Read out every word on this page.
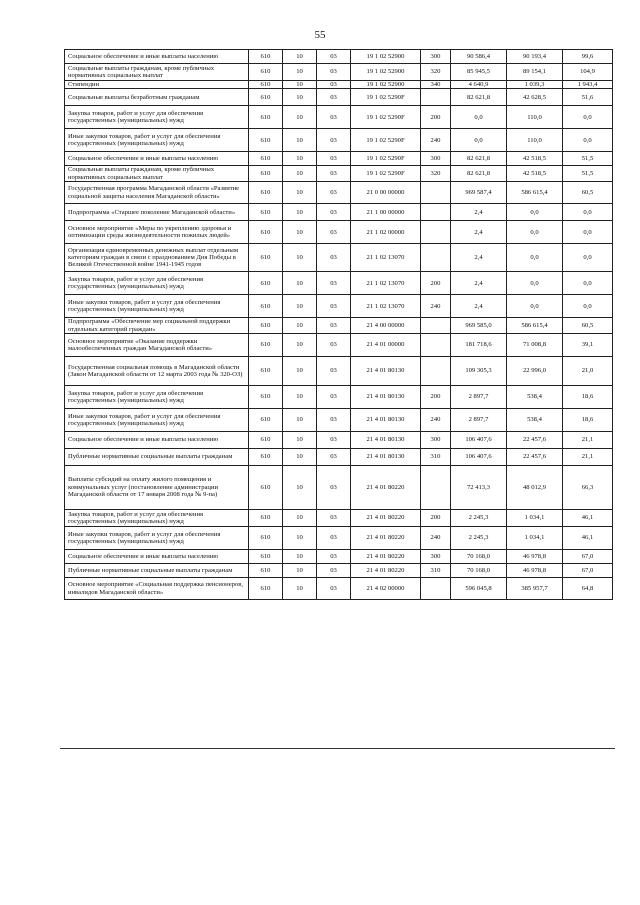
55
Социальное обеспечение и иные выплаты населению	610	10	03	19 1 02 52900	300	90 586,4	90 193,4	99,6
Социальные выплаты гражданам, кроме публичных нормативных социальных выплат	610	10	03	19 1 02 52900	320	85 945,5	89 154,1	104,9
Стипендии	610	10	03	19 1 02 52900	340	4 640,9	1 039,3	1 943,4
Социальные выплаты безработным гражданам	610	10	03	19 1 02 5290F		82 621,8	42 628,5	51,6
Закупка товаров, работ и услуг для обеспечения государственных (муниципальных) нужд	610	10	03	19 1 02 5290F	200	0,0	110,0	0,0
Иные закупки товаров, работ и услуг для обеспечения государственных (муниципальных) нужд	610	10	03	19 1 02 5290F	240	0,0	110,0	0,0
Социальное обеспечение и иные выплаты населению	610	10	03	19 1 02 5290F	300	82 621,8	42 518,5	51,5
Социальные выплаты гражданам, кроме публичных нормативных социальных выплат	610	10	03	19 1 02 5290F	320	82 621,8	42 518,5	51,5
Государственная программа Магаданской области «Развитие социальной защиты населения Магаданской области»	610	10	03	21 0 00 00000		969 587,4	586 615,4	60,5
Подпрограмма «Старшее поколение Магаданской области»	610	10	03	21 1 00 00000		2,4	0,0	0,0
Основное мероприятие «Меры по укреплению здоровья и оптимизации среды жизнедеятельности пожилых людей»	610	10	03	21 1 02 00000		2,4	0,0	0,0
Организация единовременных денежных выплат отдельным категориям граждан в связи с празднованием Дня Победы в Великой Отечественной войне 1941-1945 годов	610	10	03	21 1 02 13070		2,4	0,0	0,0
Закупка товаров, работ и услуг для обеспечения государственных (муниципальных) нужд	610	10	03	21 1 02 13070	200	2,4	0,0	0,0
Иные закупки товаров, работ и услуг для обеспечения государственных (муниципальных) нужд	610	10	03	21 1 02 13070	240	2,4	0,0	0,0
Подпрограмма «Обеспечение мер социальной поддержки отдельных категорий граждан»	610	10	03	21 4 00 00000		969 585,0	586 615,4	60,5
Основное мероприятие «Оказание поддержки малообеспеченных граждан Магаданской области»	610	10	03	21 4 01 00000		181 718,6	71 008,8	39,1
Государственная социальная помощь в Магаданской области (Закон Магаданской области от 12 марта 2003 года № 320-ОЗ)	610	10	03	21 4 01 80130		109 305,3	22 996,0	21,0
Закупка товаров, работ и услуг для обеспечения государственных (муниципальных) нужд	610	10	03	21 4 01 80130	200	2 897,7	538,4	18,6
Иные закупки товаров, работ и услуг для обеспечения государственных (муниципальных) нужд	610	10	03	21 4 01 80130	240	2 897,7	538,4	18,6
Социальное обеспечение и иные выплаты населению	610	10	03	21 4 01 80130	300	106 407,6	22 457,6	21,1
Публичные нормативные социальные выплаты гражданам	610	10	03	21 4 01 80130	310	106 407,6	22 457,6	21,1
Выплаты субсидий на оплату жилого помещения и коммунальных услуг (постановление администрации Магаданской области от 17 января 2008 года № 9-па)	610	10	03	21 4 01 80220		72 413,3	48 012,9	66,3
Закупка товаров, работ и услуг для обеспечения государственных (муниципальных) нужд	610	10	03	21 4 01 80220	200	2 245,3	1 034,1	46,1
Иные закупки товаров, работ и услуг для обеспечения государственных (муниципальных) нужд	610	10	03	21 4 01 80220	240	2 245,3	1 034,1	46,1
Социальное обеспечение и иные выплаты населению	610	10	03	21 4 01 80220	300	70 168,0	46 978,8	67,0
Публичные нормативные социальные выплаты гражданам	610	10	03	21 4 01 80220	310	70 168,0	46 978,8	67,0
Основное мероприятие «Социальная поддержка пенсионеров, инвалидов Магаданской области»	610	10	03	21 4 02 00000		596 045,8	385 957,7	64,8
